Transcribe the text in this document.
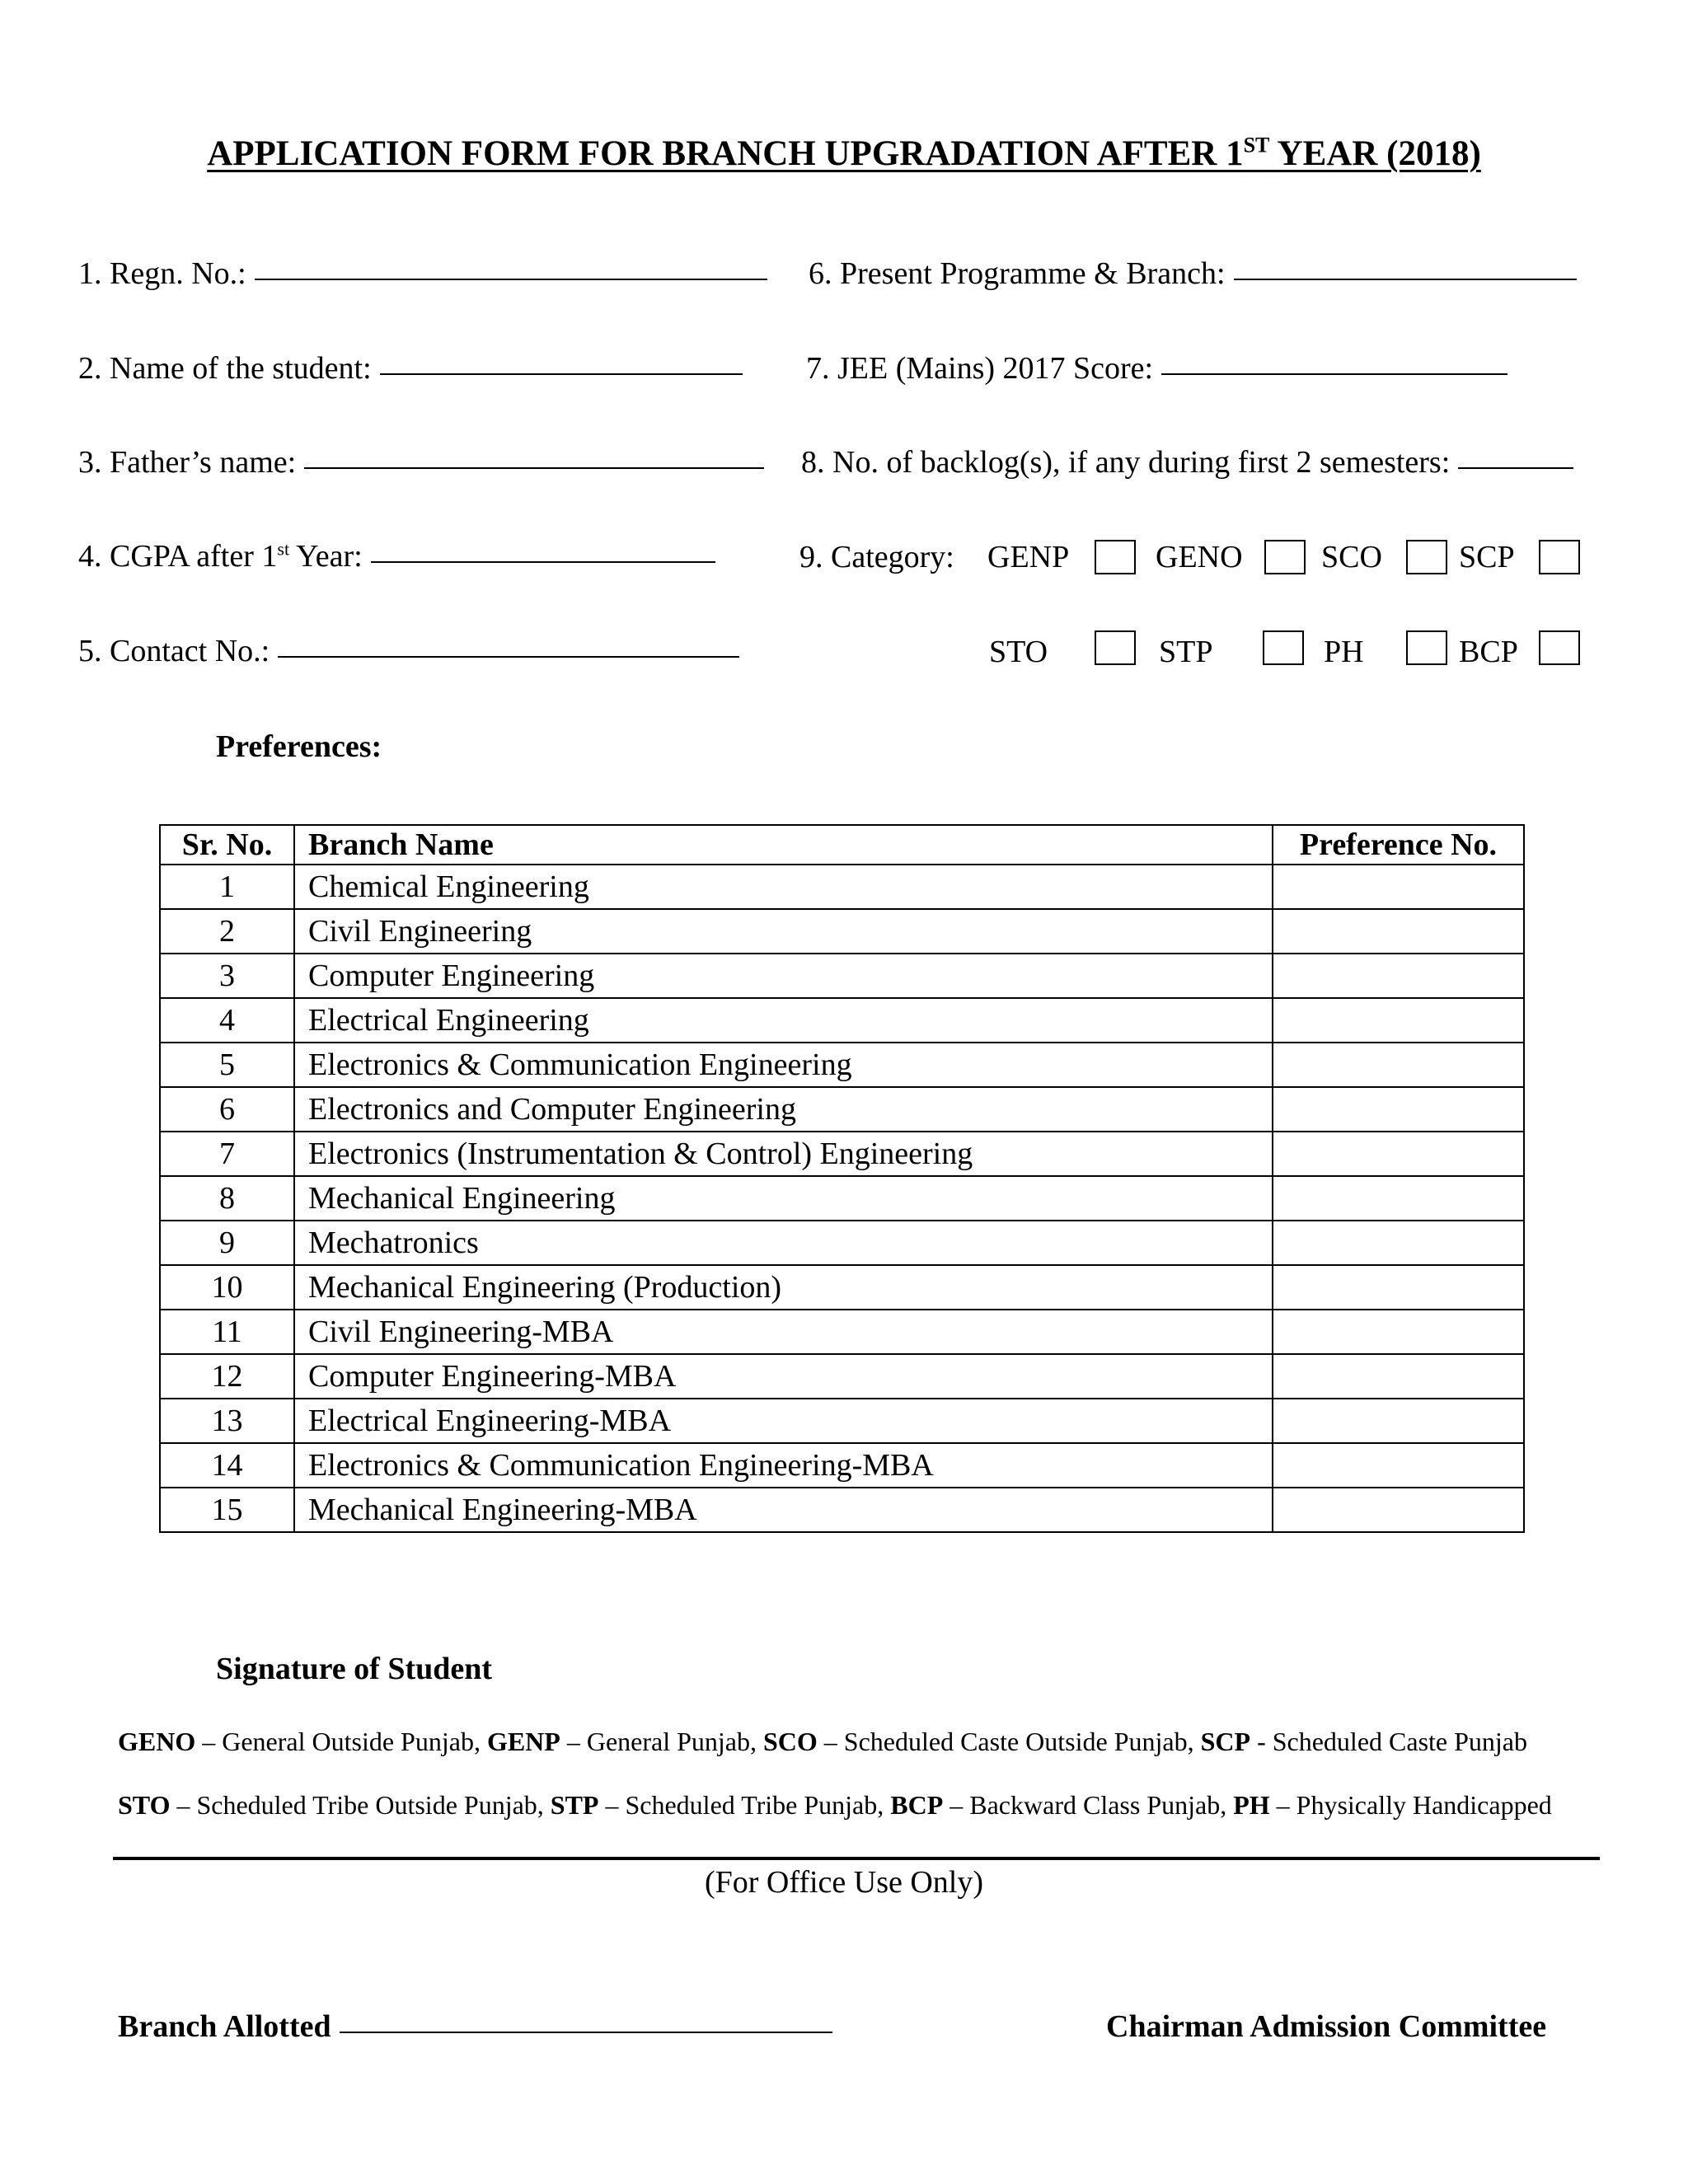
APPLICATION FORM FOR BRANCH UPGRADATION AFTER 1ST YEAR (2018)
1. Regn. No.:
2. Name of the student:
3. Father’s name:
4. CGPA after 1st Year:
5. Contact No.:
6. Present Programme & Branch:
7. JEE (Mains) 2017 Score:
8. No. of backlog(s), if any during first 2 semesters:
9. Category: GENP	GENO	SCO SCP
STO	STP	PH	BCP
Preferences:
Sr. No.	Branch Name	Preference No.
1	Chemical Engineering	
2	Civil Engineering	
3	Computer Engineering	
4	Electrical Engineering	
5	Electronics & Communication Engineering	
6	Electronics and Computer Engineering	
7	Electronics (Instrumentation & Control) Engineering	
8	Mechanical Engineering	
9	Mechatronics	
10	Mechanical Engineering (Production)	
11	Civil Engineering-MBA	
12	Computer Engineering-MBA	
13	Electrical Engineering-MBA	
14	Electronics & Communication Engineering-MBA	
15	Mechanical Engineering-MBA	
Signature of Student
GENO – General Outside Punjab, GENP – General Punjab, SCO – Scheduled Caste Outside Punjab, SCP - Scheduled Caste Punjab
STO – Scheduled Tribe Outside Punjab, STP – Scheduled Tribe Punjab, BCP – Backward Class Punjab, PH – Physically Handicapped
(For Office Use Only)
Branch Allotted	Chairman Admission Committee
